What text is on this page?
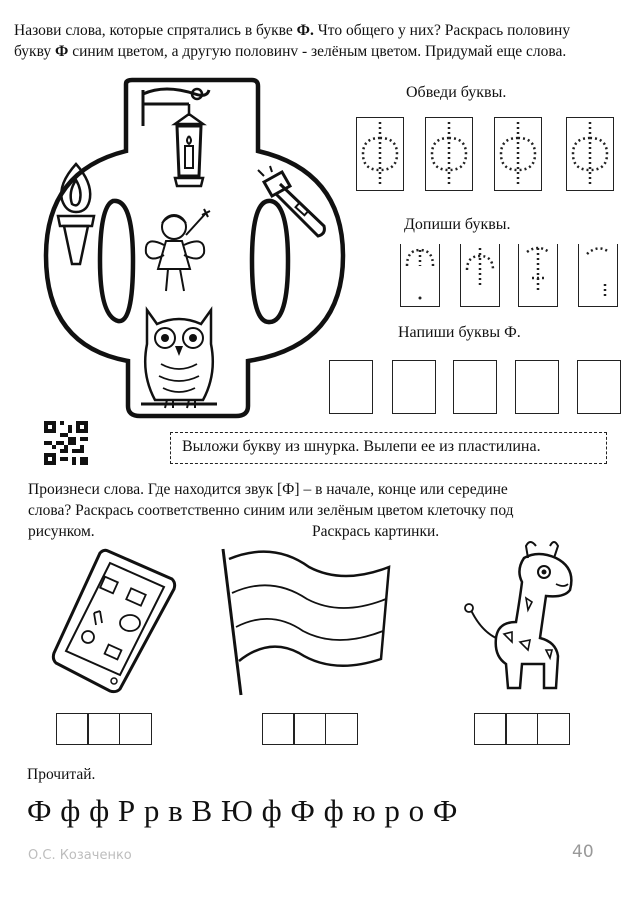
Назови слова, которые спрятались в букве Ф. Что общего у них? Раскрась половину
букву Ф синим цветом, а другую половинv - зелёным цветом. Придумай еще слова.
Обведи буквы.
Допиши буквы.
Напиши буквы Ф.
Выложи букву из шнурка. Вылепи ее из пластилина.
Произнеси слова. Где находится звук [Ф] – в начале, конце или середине
слова? Раскрась соответственно синим или зелёным цветом клеточку под
рисунком.	Раскрась картинки.
Прочитай.
Ф ф ф Р р в В Ю ф Ф ф ю р о Ф
О.С. Козаченко	40
